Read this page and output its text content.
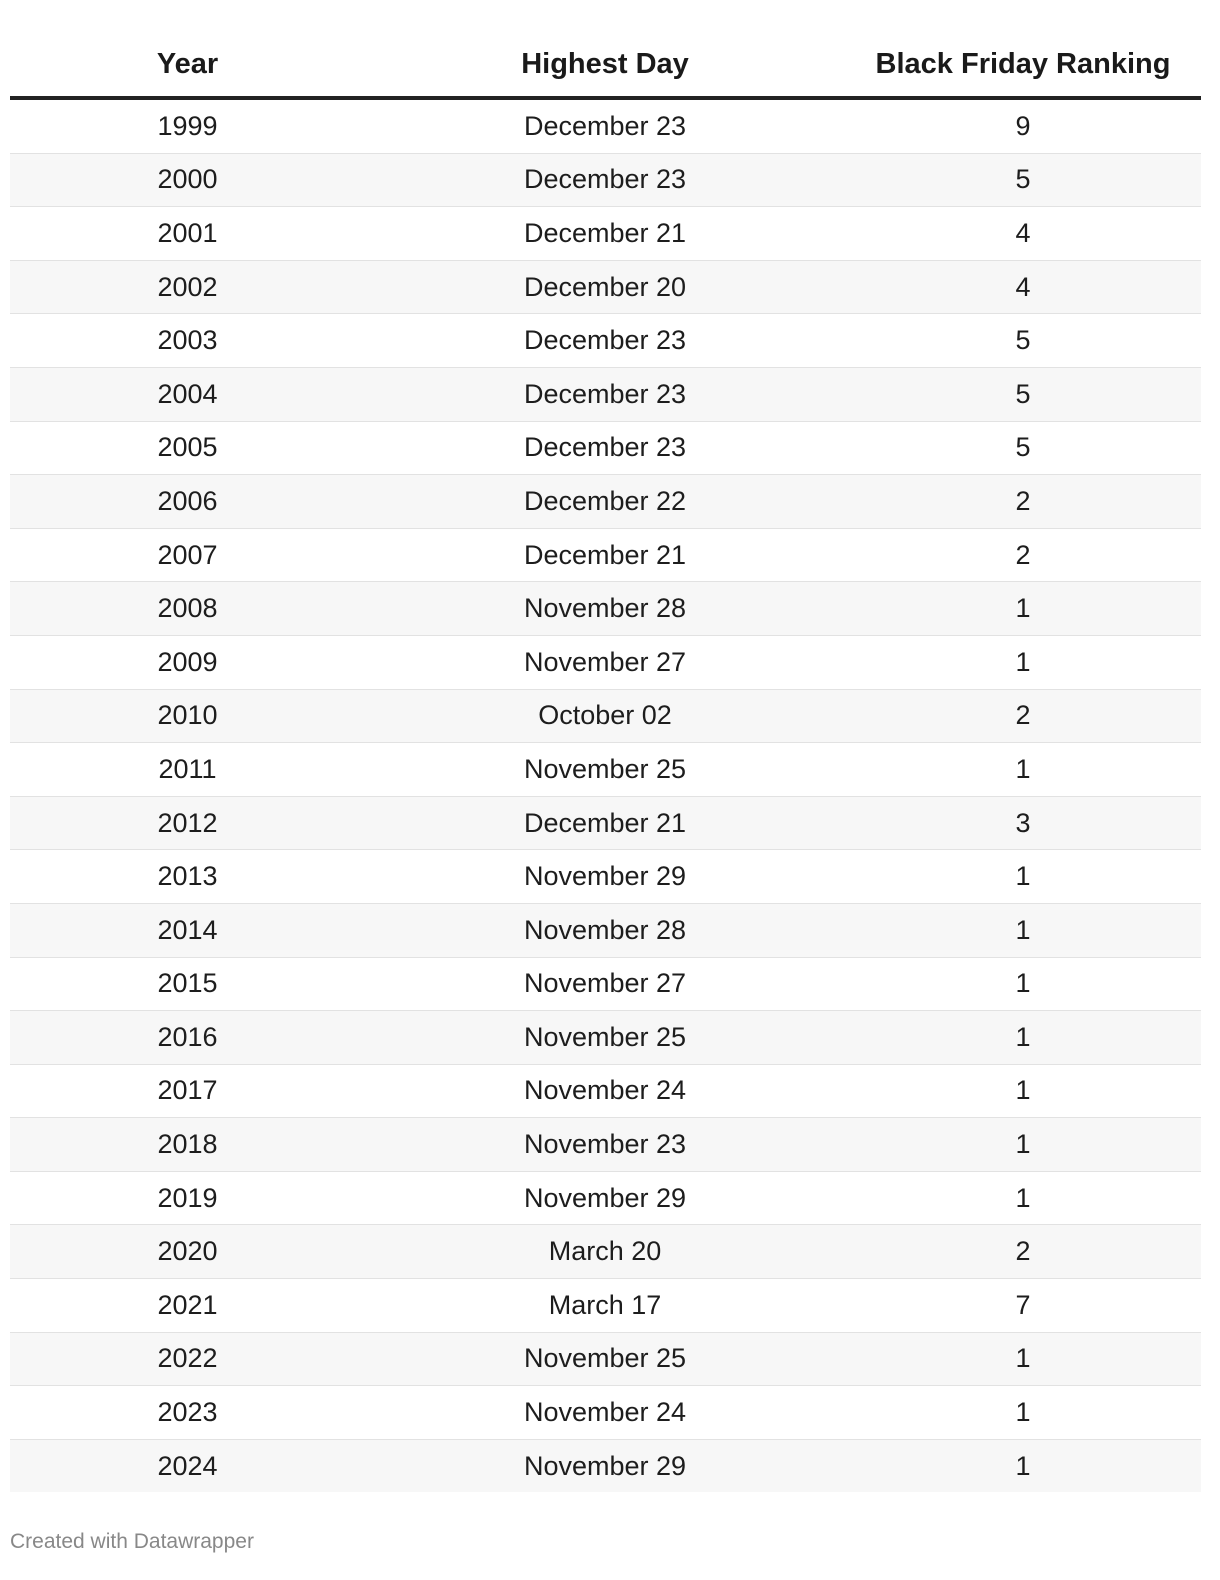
Year	Highest Day	Black Friday Ranking
1999	December 23	9
2000	December 23	5
2001	December 21	4
2002	December 20	4
2003	December 23	5
2004	December 23	5
2005	December 23	5
2006	December 22	2
2007	December 21	2
2008	November 28	1
2009	November 27	1
2010	October 02	2
2011	November 25	1
2012	December 21	3
2013	November 29	1
2014	November 28	1
2015	November 27	1
2016	November 25	1
2017	November 24	1
2018	November 23	1
2019	November 29	1
2020	March 20	2
2021	March 17	7
2022	November 25	1
2023	November 24	1
2024	November 29	1
Created with Datawrapper
